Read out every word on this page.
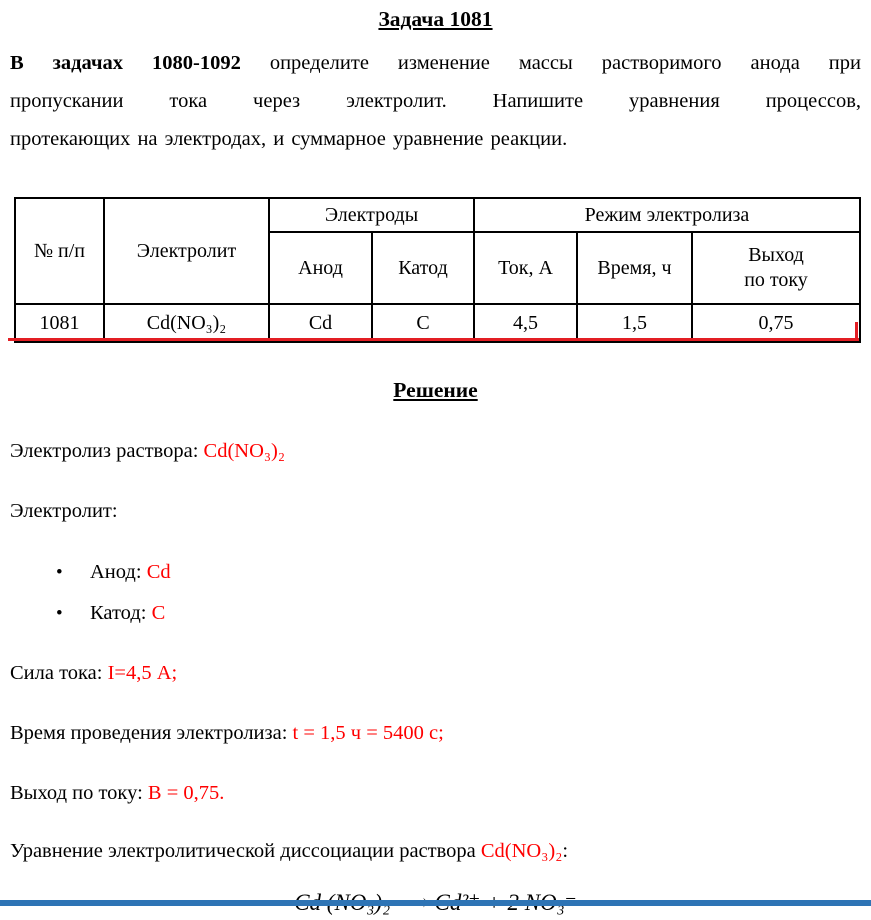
Задача 1081
В задачах 1080-1092 определите изменение массы растворимого анода при
пропускании тока через электролит. Напишите уравнения процессов,
протекающих на электродах, и суммарное уравнение реакции.
№ п/п	Электролит	Электроды		Режим электролиза		
		Анод	Катод	Ток, А	Время, ч	Выход
по току

1081	Cd(NO₃)₂	Cd	C	4,5	1,5	0,75
Решение

Электролиз раствора: Cd(NO₃)₂

Электролит:

• Анод: Cd
• Катод: C

Сила тока: I=4,5 А;

Время проведения электролиза: t = 1,5 ч = 5400 с;

Выход по току: В = 0,75.

Уравнение электролитической диссоциации раствора Cd(NO₃)₂:
